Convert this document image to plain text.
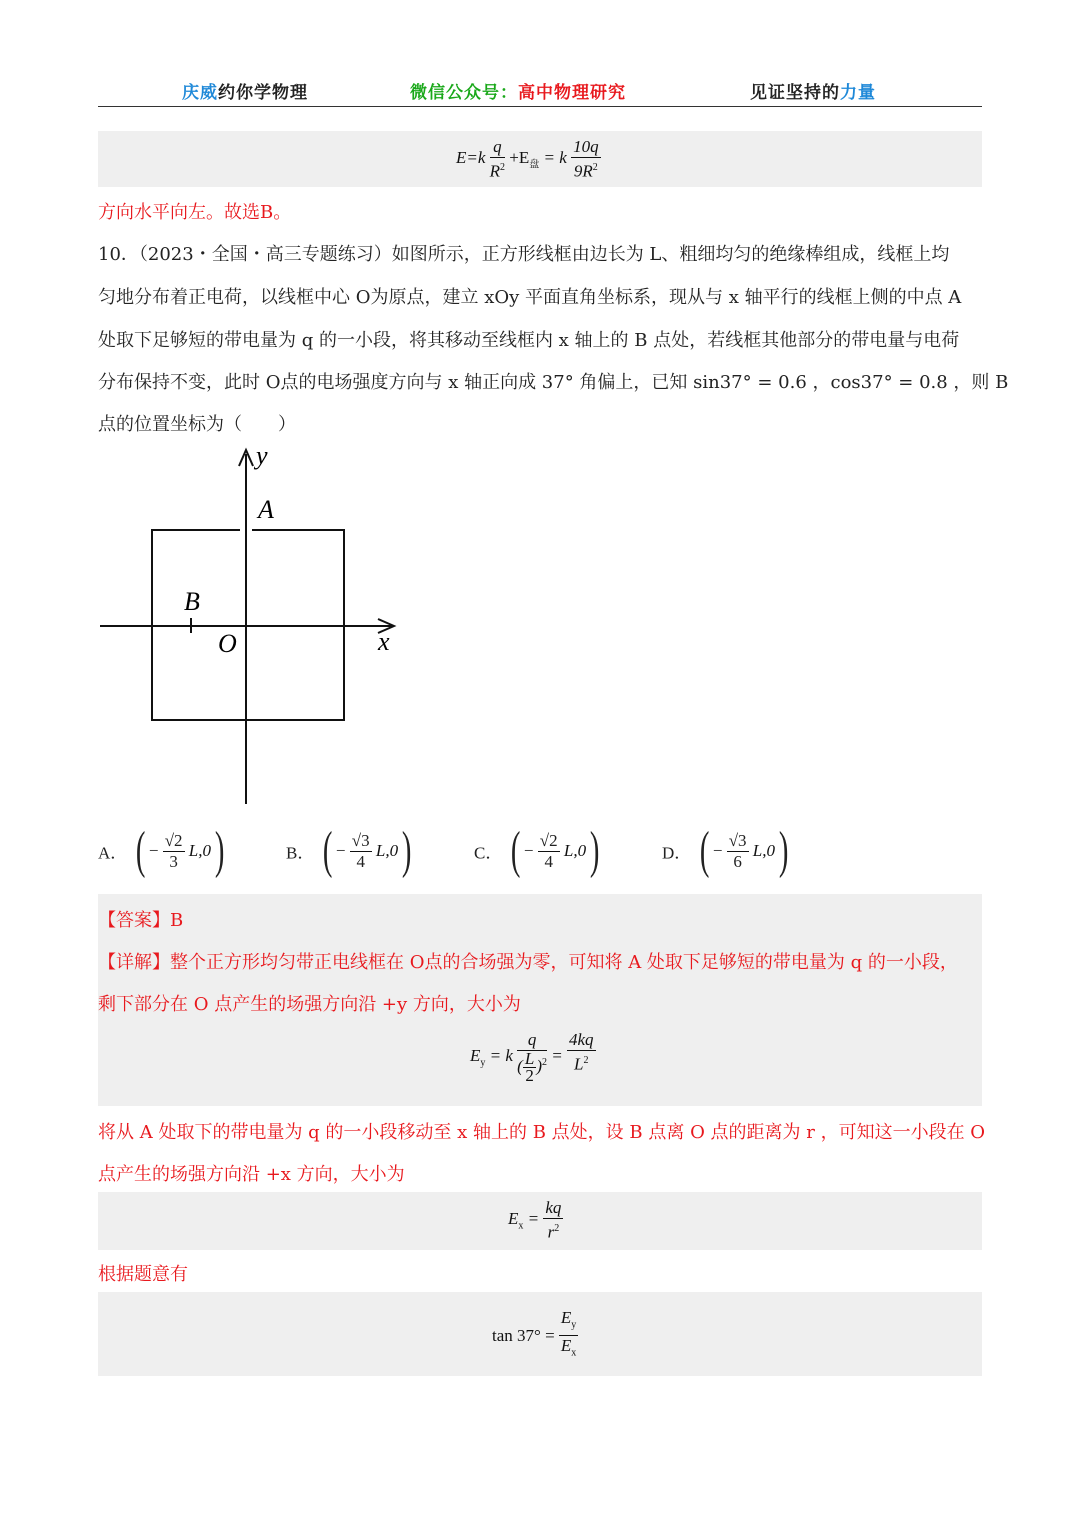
庆威约你学物理	微信公众号：高中物理研究	见证坚持的力量
$E=k \frac{q}{R^2} +E_盘 = k \frac{10q}{9R^2}$
方向水平向左。故选B。
10．（2023・全国・高三专题练习）如图所示，正方形线框由边长为 L、粗细均匀的绝缘棒组成，线框上均
匀地分布着正电荷，以线框中心 O为原点，建立 xOy 平面直角坐标系，现从与 x 轴平行的线框上侧的中点 A
处取下足够短的带电量为 q 的一小段，将其移动至线框内 x 轴上的 B 点处，若线框其他部分的带电量与电荷
分布保持不变，此时 O点的电场强度方向与 x 轴正向成 37° 角偏上，已知 sin37° = 0.6 ，cos37° = 0.8 ，则 B
点的位置坐标为（　　）
y
x
A
B
O
A． ( − $\frac{√2}{3} L,0$)	B． ( − $\frac{√3}{4} L,0$)	C． ( − $\frac{√2}{4} L,0$)	D． ( − $\frac{√3}{6} L,0$)
【答案】B
【详解】整个正方形均匀带正电线框在 O点的合场强为零，可知将 A 处取下足够短的带电量为 q 的一小段，
剩下部分在 O 点产生的场强方向沿 +y 方向，大小为
$E_y = k \frac{q}{( \frac{L}{2} )^2} = \frac{4kq}{L^2}$
将从 A 处取下的带电量为 q 的一小段移动至 x 轴上的 B 点处，设 B 点离 O 点的距离为 r ，可知这一小段在 O
点产生的场强方向沿 +x 方向，大小为
$E_x = \frac{kq}{r^2}$
根据题意有
$\tan 37^\circ = \frac{E_y}{E_x}$
